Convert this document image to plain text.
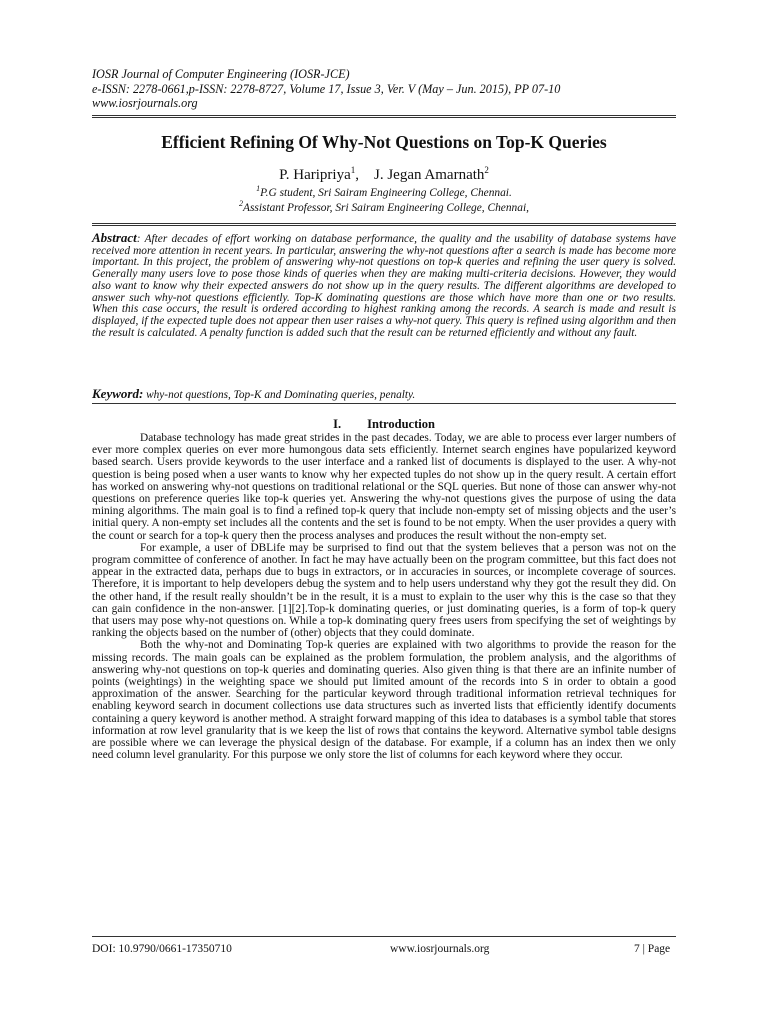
IOSR Journal of Computer Engineering (IOSR-JCE)
e-ISSN: 2278-0661,p-ISSN: 2278-8727, Volume 17, Issue 3, Ver. V (May – Jun. 2015), PP 07-10
www.iosrjournals.org
Efficient Refining Of Why-Not Questions on Top-K Queries
P. Haripriya$^1$,    J. Jegan Amarnath$^2$
$^1$P.G student, Sri Sairam Engineering College, Chennai.
$^2$Assistant Professor, Sri Sairam Engineering College, Chennai,
Abstract: After decades of effort working on database performance, the quality and the usability of database systems have received more attention in recent years. In particular, answering the why-not questions after a search is made has become more important. In this project, the problem of answering why-not questions on top-k queries and refining the user query is solved. Generally many users love to pose those kinds of queries when they are making multi-criteria decisions. However, they would also want to know why their expected answers do not show up in the query results. The different algorithms are developed to answer such why-not questions efficiently. Top-K dominating questions are those which have more than one or two results. When this case occurs, the result is ordered according to highest ranking among the records. A search is made and result is displayed, if the expected tuple does not appear then user raises a why-not query. This query is refined using algorithm and then the result is calculated. A penalty function is added such that the result can be returned efficiently and without any fault.
Keyword: why-not questions, Top-K and Dominating queries, penalty.
I. Introduction

Database technology has made great strides in the past decades. Today, we are able to process ever larger numbers of ever more complex queries on ever more humongous data sets efficiently. Internet search engines have popularized keyword based search. Users provide keywords to the user interface and a ranked list of documents is displayed to the user. A why-not question is being posed when a user wants to know why her expected tuples do not show up in the query result. A certain effort has worked on answering why-not questions on traditional relational or the SQL queries. But none of those can answer why-not questions on preference queries like top-k queries yet. Answering the why-not questions gives the purpose of using the data mining algorithms. The main goal is to find a refined top-k query that include non-empty set of missing objects and the user’s initial query. A non-empty set includes all the contents and the set is found to be not empty. When the user provides a query with the count or search for a top-k query then the process analyses and produces the result without the non-empty set.

For example, a user of DBLife may be surprised to find out that the system believes that a person was not on the program committee of conference of another. In fact he may have actually been on the program committee, but this fact does not appear in the extracted data, perhaps due to bugs in extractors, or in accuracies in sources, or incomplete coverage of sources. Therefore, it is important to help developers debug the system and to help users understand why they got the result they did. On the other hand, if the result really shouldn’t be in the result, it is a must to explain to the user why this is the case so that they can gain confidence in the non-answer. [1][2].Top-k dominating queries, or just dominating queries, is a form of top-k query that users may pose why-not questions on. While a top-k dominating query frees users from specifying the set of weightings by ranking the objects based on the number of (other) objects that they could dominate.

Both the why-not and Dominating Top-k queries are explained with two algorithms to provide the reason for the missing records. The main goals can be explained as the problem formulation, the problem analysis, and the algorithms of answering why-not questions on top-k queries and dominating queries. Also given thing is that there are an infinite number of points (weightings) in the weighting space we should put limited amount of the records into S in order to obtain a good approximation of the answer. Searching for the particular keyword through traditional information retrieval techniques for enabling keyword search in document collections use data structures such as inverted lists that efficiently identify documents containing a query keyword is another method. A straight forward mapping of this idea to databases is a symbol table that stores information at row level granularity that is we keep the list of rows that contains the keyword. Alternative symbol table designs are possible where we can leverage the physical design of the database. For example, if a column has an index then we only need column level granularity. For this purpose we only store the list of columns for each keyword where they occur.

DOI: 10.9790/0661-17350710	www.iosrjournals.org	7 | Page
